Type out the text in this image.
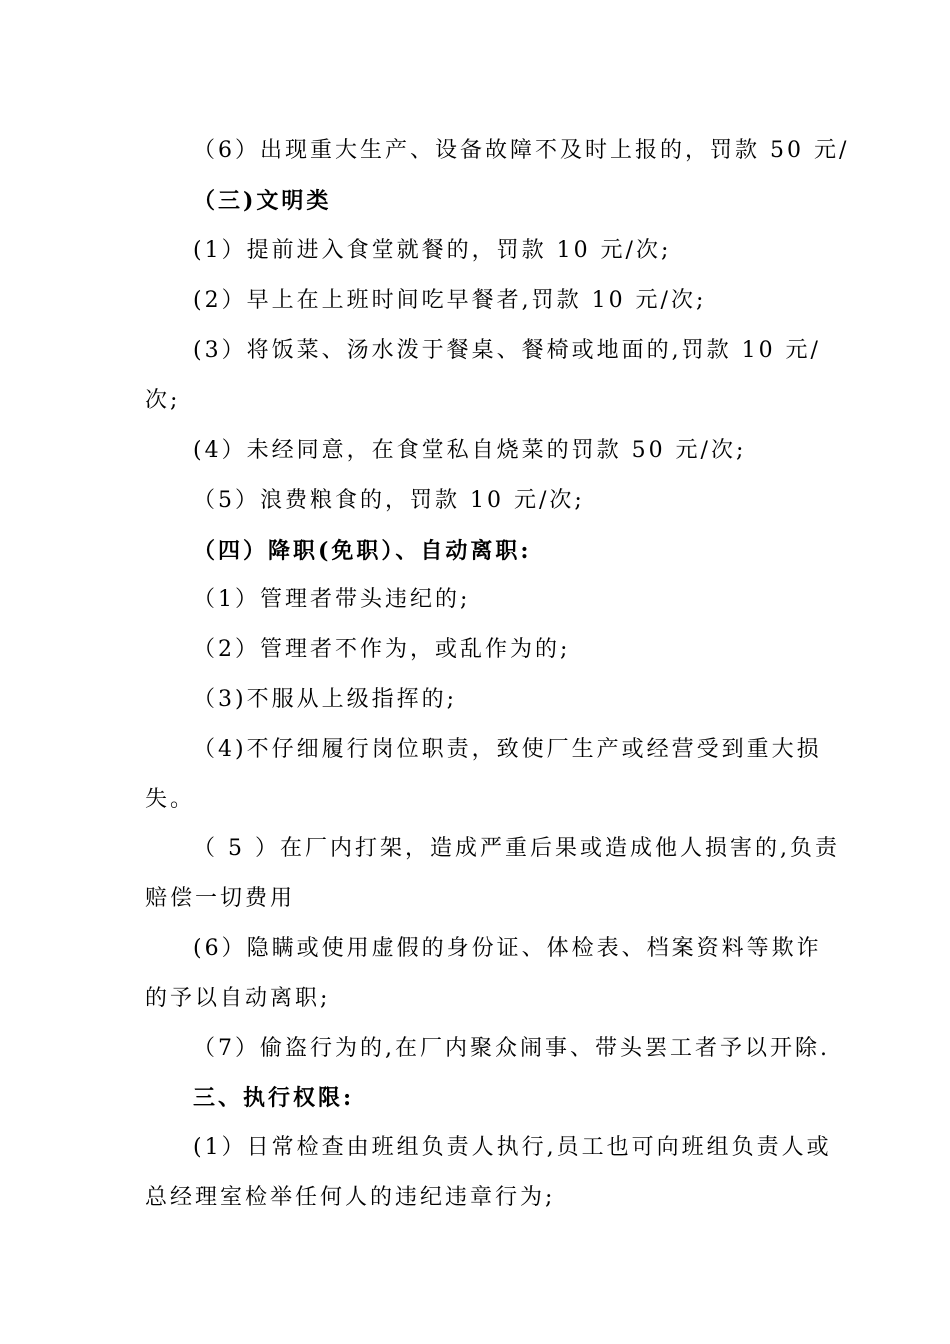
（6）出现重大生产、设备故障不及时上报的，罚款 50 元/
（三)文明类
(1）提前进入食堂就餐的，罚款 10 元/次;
(2）早上在上班时间吃早餐者,罚款 10 元/次;
(3）将饭菜、汤水泼于餐桌、餐椅或地面的,罚款 10 元/
次;
(4）未经同意，在食堂私自烧菜的罚款 50 元/次;
（5）浪费粮食的，罚款 10 元/次;
（四）降职(免职）、自动离职:
（1）管理者带头违纪的;
（2）管理者不作为，或乱作为的;
（3)不服从上级指挥的;
（4)不仔细履行岗位职责，致使厂生产或经营受到重大损
失。
（ 5 ）在厂内打架，造成严重后果或造成他人损害的,负责
赔偿一切费用
(6）隐瞒或使用虚假的身份证、体检表、档案资料等欺诈
的予以自动离职;
（7）偷盗行为的,在厂内聚众闹事、带头罢工者予以开除.
三、执行权限:
(1）日常检查由班组负责人执行,员工也可向班组负责人或
总经理室检举任何人的违纪违章行为;
